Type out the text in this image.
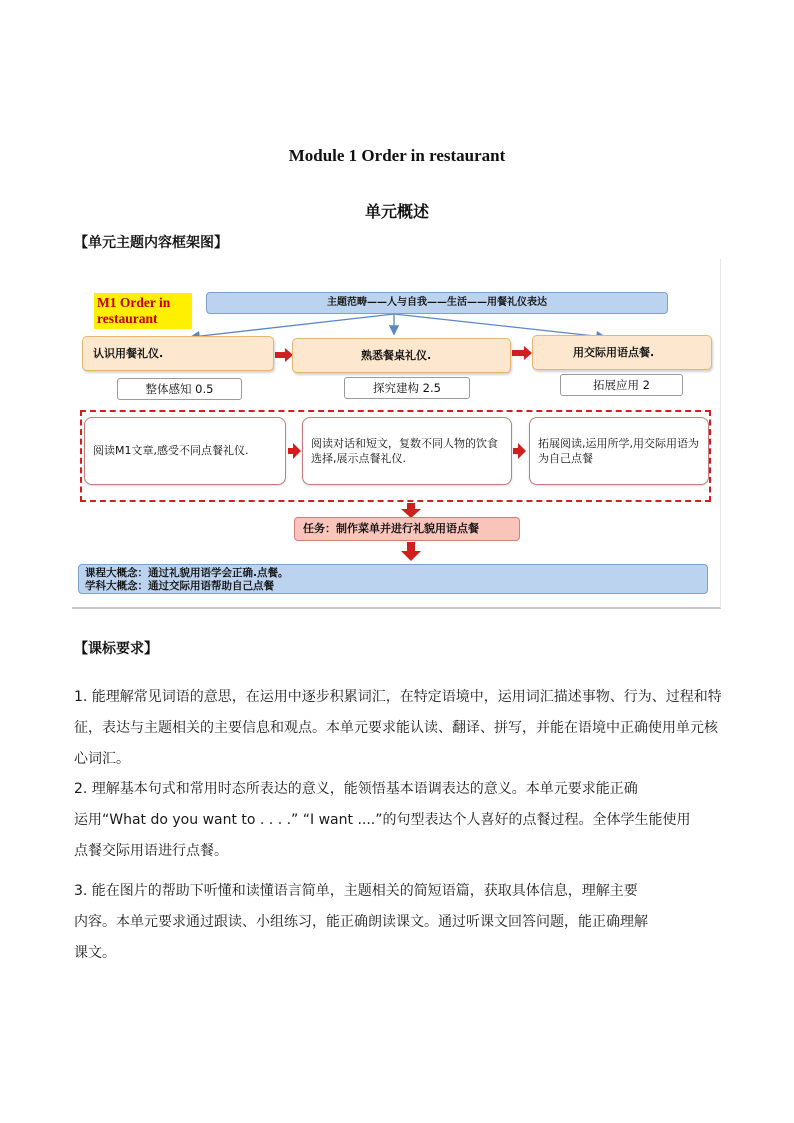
Module 1 Order in restaurant
单元概述
【单元主题内容框架图】
M1 Order in
restaurant
主题范畴——人与自我——生活——用餐礼仪表达
认识用餐礼仪.	熟悉餐桌礼仪.	用交际用语点餐.
整体感知 0.5	探究建构 2.5	拓展应用 2
阅读M1文章,感受不同点餐礼仪.
阅读对话和短文，复数不同人物的饮食选择,展示点餐礼仪.
拓展阅读,运用所学,用交际用语为为自己点餐
任务：制作菜单并进行礼貌用语点餐
课程大概念：通过礼貌用语学会正确.点餐。
学科大概念：通过交际用语帮助自己点餐
【课标要求】
1. 能理解常见词语的意思，在运用中逐步积累词汇，在特定语境中，运用词汇描述事物、行为、过程和特
征，表达与主题相关的主要信息和观点。本单元要求能认读、翻译、拼写，并能在语境中正确使用单元核
心词汇。
2. 理解基本句式和常用时态所表达的意义，能领悟基本语调表达的意义。本单元要求能正确
运用“What do you want to . . . .” “I want ....”的句型表达个人喜好的点餐过程。全体学生能使用
点餐交际用语进行点餐。
3. 能在图片的帮助下听懂和读懂语言简单，主题相关的简短语篇，获取具体信息，理解主要
内容。本单元要求通过跟读、小组练习，能正确朗读课文。通过听课文回答问题，能正确理解
课文。
